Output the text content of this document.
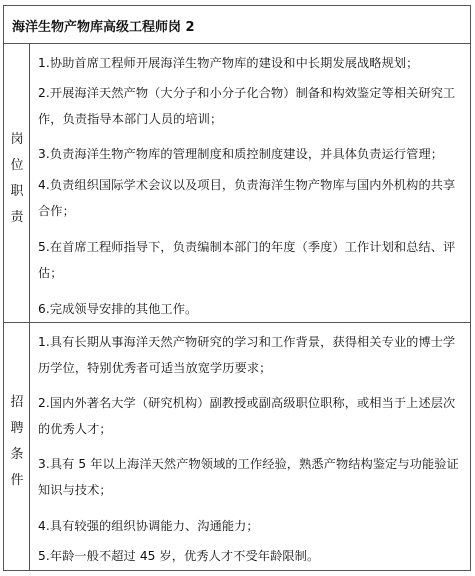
海洋生物产物库高级工程师岗 2
岗
位
职
责
1.协助首席工程师开展海洋生物产物库的建设和中长期发展战略规划；
2.开展海洋天然产物（大分子和小分子化合物）制备和构效鉴定等相关研究工作，负责指导本部门人员的培训；
3.负责海洋生物产物库的管理制度和质控制度建设，并具体负责运行管理；
4.负责组织国际学术会议以及项目，负责海洋生物产物库与国内外机构的共享合作；
5.在首席工程师指导下，负责编制本部门的年度（季度）工作计划和总结、评估；
6.完成领导安排的其他工作。
招
聘
条
件
1.具有长期从事海洋天然产物研究的学习和工作背景，获得相关专业的博士学历学位，特别优秀者可适当放宽学历要求；
2.国内外著名大学（研究机构）副教授或副高级职位职称，或相当于上述层次的优秀人才；
3.具有 5 年以上海洋天然产物领域的工作经验，熟悉产物结构鉴定与功能验证知识与技术；
4.具有较强的组织协调能力、沟通能力；
5.年龄一般不超过 45 岁，优秀人才不受年龄限制。
